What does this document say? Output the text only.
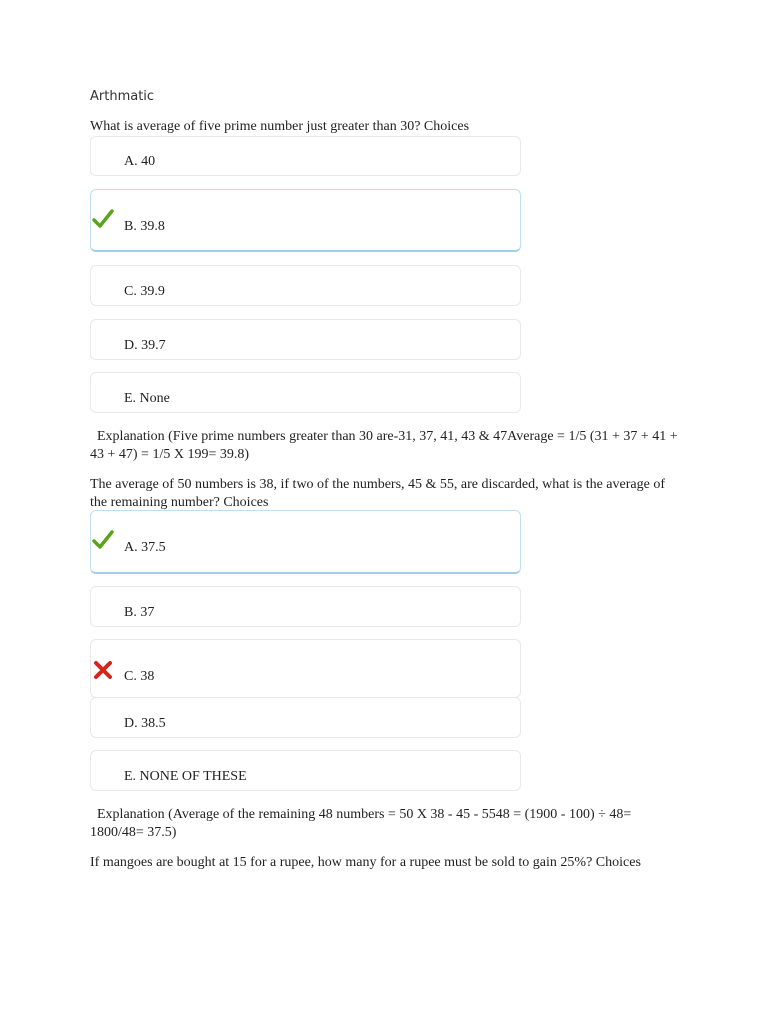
Arthmatic
What is average of five prime number just greater than 30? Choices
A. 40
B. 39.8
C. 39.9
D. 39.7
E. None
Explanation (Five prime numbers greater than 30 are-31, 37, 41, 43 & 47Average = 1/5 (31 + 37 + 41 + 43 + 47) = 1/5 X 199= 39.8)
The average of 50 numbers is 38, if two of the numbers, 45 & 55, are discarded, what is the average of the remaining number? Choices
A. 37.5
B. 37
C. 38
D. 38.5
E. NONE OF THESE
Explanation (Average of the remaining 48 numbers = 50 X 38 - 45 - 5548 = (1900 - 100) ÷ 48= 1800/48= 37.5)
If mangoes are bought at 15 for a rupee, how many for a rupee must be sold to gain 25%? Choices
